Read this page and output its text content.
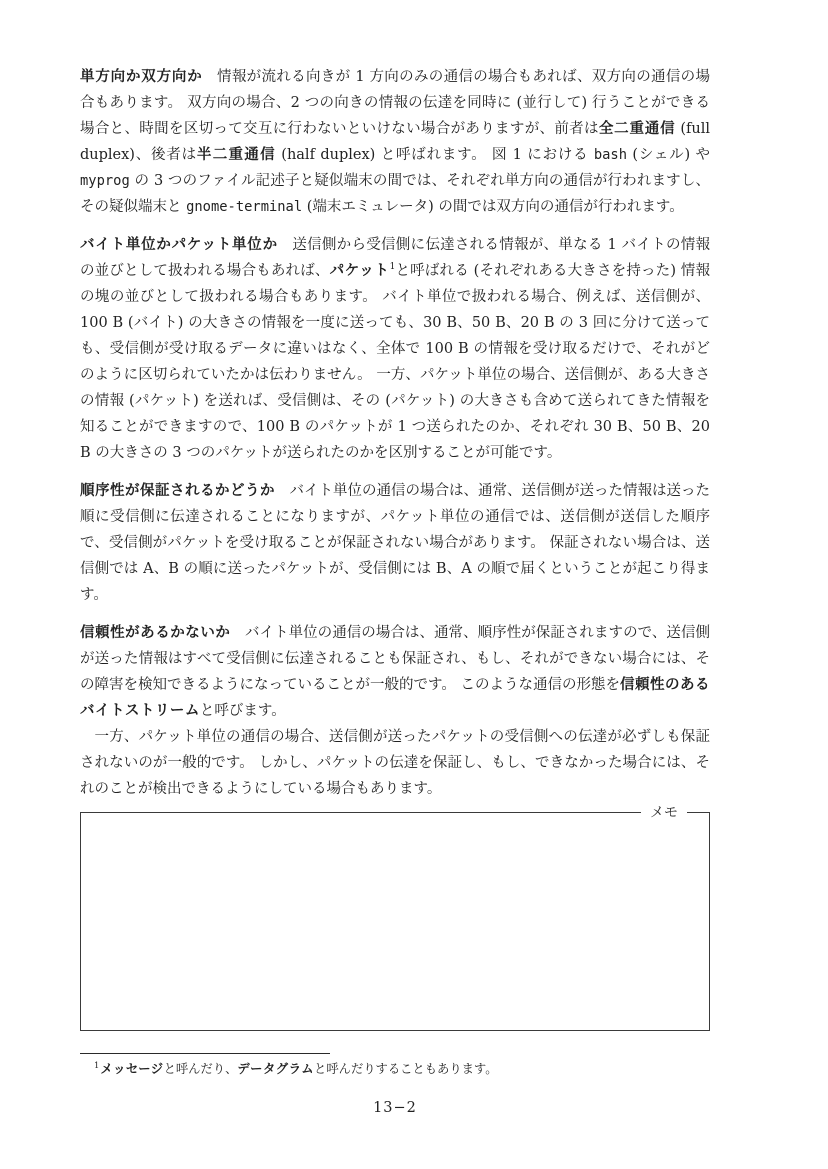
単方向か双方向か 情報が流れる向きが 1 方向のみの通信の場合もあれば、双方向の通信の場合もあります。 双方向の場合、2 つの向きの情報の伝達を同時に (並行して) 行うことができる場合と、時間を区切って交互に行わないといけない場合がありますが、前者は全二重通信 (full duplex)、後者は半二重通信 (half duplex) と呼ばれます。 図 1 における bash (シェル) や myprog の 3 つのファイル記述子と疑似端末の間では、それぞれ単方向の通信が行われますし、その疑似端末と gnome-terminal (端末エミュレータ) の間では双方向の通信が行われます。

バイト単位かパケット単位か 送信側から受信側に伝達される情報が、単なる 1 バイトの情報の並びとして扱われる場合もあれば、パケット$^1$と呼ばれる (それぞれある大きさを持った) 情報の塊の並びとして扱われる場合もあります。 バイト単位で扱われる場合、例えば、送信側が、100 B (バイト) の大きさの情報を一度に送っても、30 B、50 B、20 B の 3 回に分けて送っても、受信側が受け取るデータに違いはなく、全体で 100 B の情報を受け取るだけで、それがどのように区切られていたかは伝わりません。 一方、パケット単位の場合、送信側が、ある大きさの情報 (パケット) を送れば、受信側は、その (パケット) の大きさも含めて送られてきた情報を知ることができますので、100 B のパケットが 1 つ送られたのか、それぞれ 30 B、50 B、20 B の大きさの 3 つのパケットが送られたのかを区別することが可能です。

順序性が保証されるかどうか バイト単位の通信の場合は、通常、送信側が送った情報は送った順に受信側に伝達されることになりますが、パケット単位の通信では、送信側が送信した順序で、受信側がパケットを受け取ることが保証されない場合があります。 保証されない場合は、送信側では A、B の順に送ったパケットが、受信側には B、A の順で届くということが起こり得ます。

信頼性があるかないか バイト単位の通信の場合は、通常、順序性が保証されますので、送信側が送った情報はすべて受信側に伝達されることも保証され、もし、それができない場合には、その障害を検知できるようになっていることが一般的です。 このような通信の形態を信頼性のあるバイトストリームと呼びます。

一方、パケット単位の通信の場合、送信側が送ったパケットの受信側への伝達が必ずしも保証されないのが一般的です。 しかし、パケットの伝達を保証し、もし、できなかった場合には、それのことが検出できるようにしている場合もあります。

メモ
$^1$メッセージと呼んだり、データグラムと呼んだりすることもあります。
13−2
